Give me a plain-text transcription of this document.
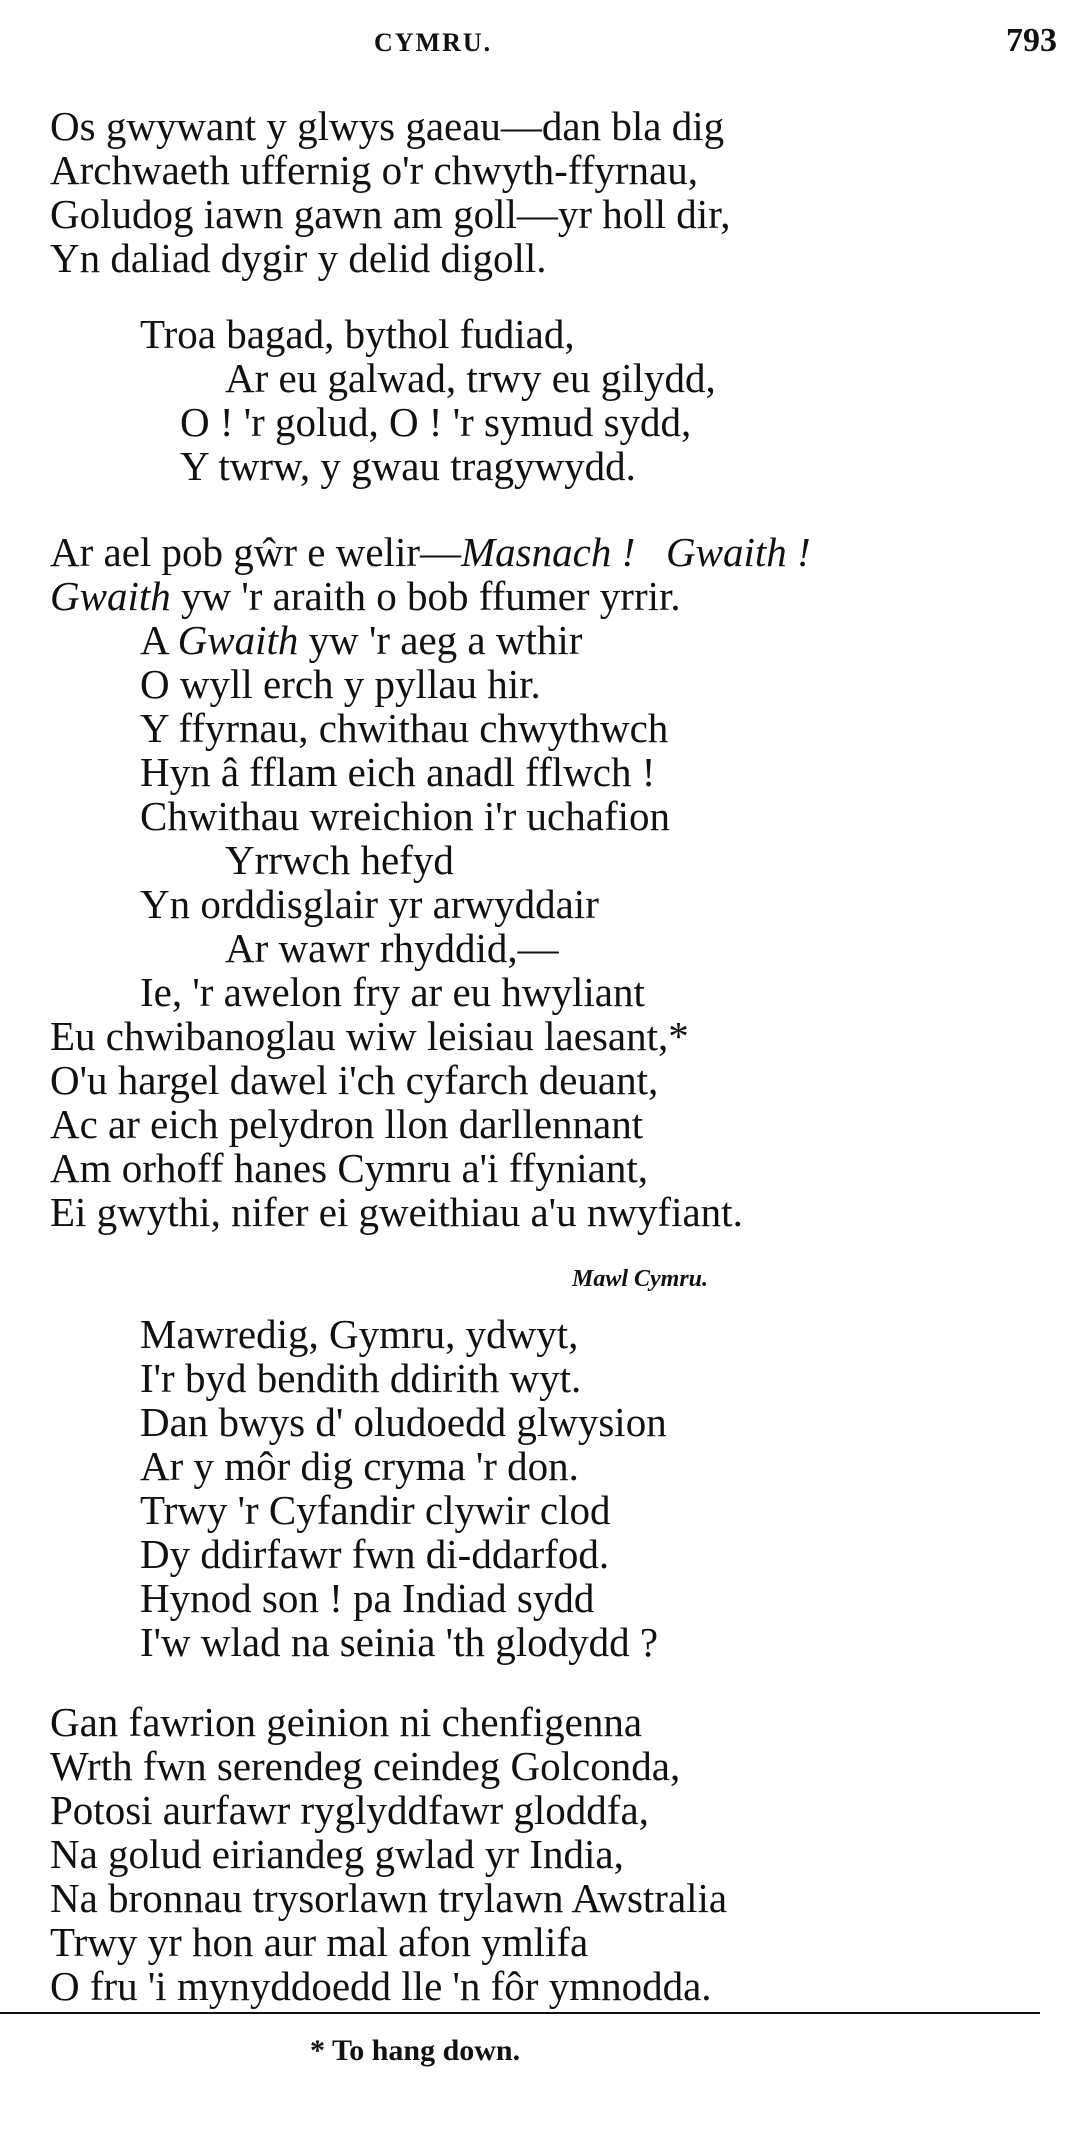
CYMRU.	793
Os gwywant y glwys gaeau—dan bla dig
Archwaeth uffernig o'r chwyth-ffyrnau,
Goludog iawn gawn am goll—yr holl dir,
Yn daliad dygir y delid digoll.
Troa bagad, bythol fudiad,
Ar eu galwad, trwy eu gilydd,
O ! 'r golud, O ! 'r symud sydd,
Y twrw, y gwau tragywydd.
Ar ael pob gŵr e welir—Masnach ! Gwaith !
Gwaith yw 'r araith o bob ffumer yrrir.
A Gwaith yw 'r aeg a wthir
O wyll erch y pyllau hir.
Y ffyrnau, chwithau chwythwch
Hyn â fflam eich anadl fflwch !
Chwithau wreichion i'r uchafion
Yrrwch hefyd
Yn orddisglair yr arwyddair
Ar wawr rhyddid,—
Ie, 'r awelon fry ar eu hwyliant
Eu chwibanoglau wiw leisiau laesant,*
O'u hargel dawel i'ch cyfarch deuant,
Ac ar eich pelydron llon darllennant
Am orhoff hanes Cymru a'i ffyniant,
Ei gwythi, nifer ei gweithiau a'u nwyfiant.
Mawl Cymru.
Mawredig, Gymru, ydwyt,
I'r byd bendith ddirith wyt.
Dan bwys d' oludoedd glwysion
Ar y môr dig cryma 'r don.
Trwy 'r Cyfandir clywir clod
Dy ddirfawr fwn di-ddarfod.
Hynod son ! pa Indiad sydd
I'w wlad na seinia 'th glodydd ?
Gan fawrion geinion ni chenfigenna
Wrth fwn serendeg ceindeg Golconda,
Potosi aurfawr ryglyddfawr gloddfa,
Na golud eiriandeg gwlad yr India,
Na bronnau trysorlawn trylawn Awstralia
Trwy yr hon aur mal afon ymlifa
O fru 'i mynyddoedd lle 'n fôr ymnodda.
* To hang down.
